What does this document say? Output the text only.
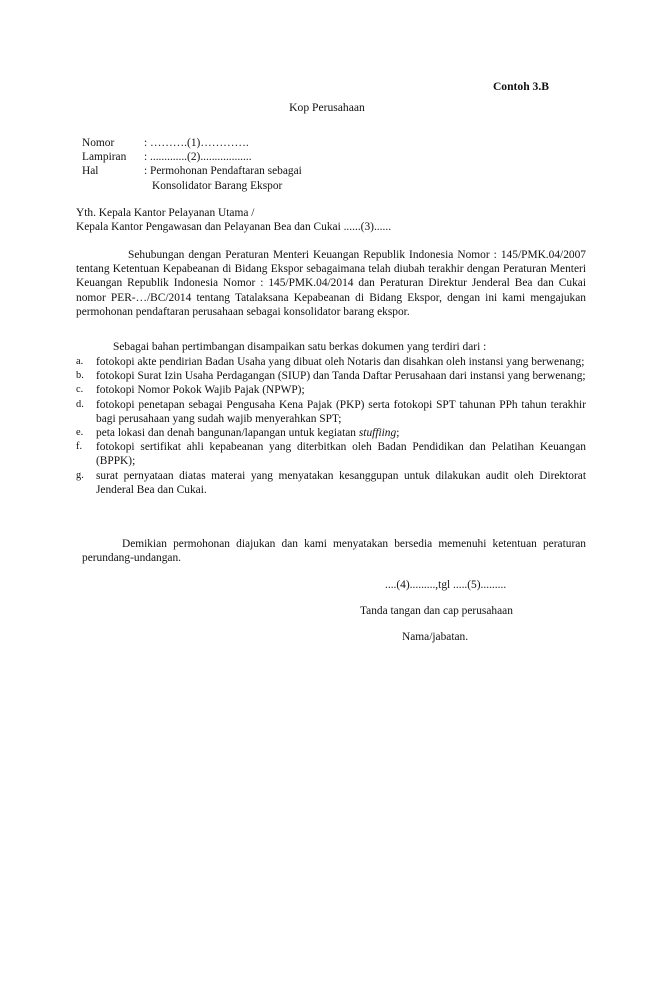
Contoh 3.B
Kop Perusahaan
Nomor	: ……….(1)………….
Lampiran	: .............(2)..................
Hal	: Permohonan Pendaftaran sebagai
Konsolidator Barang Ekspor
Yth. Kepala Kantor Pelayanan Utama /
Kepala Kantor Pengawasan dan Pelayanan Bea dan Cukai ......(3)......

Sehubungan dengan Peraturan Menteri Keuangan Republik Indonesia Nomor : 145/PMK.04/2007 tentang Ketentuan Kepabeanan di Bidang Ekspor sebagaimana telah diubah terakhir dengan Peraturan Menteri Keuangan Republik Indonesia Nomor : 145/PMK.04/2014 dan Peraturan Direktur Jenderal Bea dan Cukai nomor PER-…/BC/2014 tentang Tatalaksana Kepabeanan di Bidang Ekspor, dengan ini kami mengajukan permohonan pendaftaran perusahaan sebagai konsolidator barang ekspor.

Sebagai bahan pertimbangan disampaikan satu berkas dokumen yang terdiri dari :
a.	fotokopi akte pendirian Badan Usaha yang dibuat oleh Notaris dan disahkan oleh instansi yang berwenang;
b.	fotokopi Surat Izin Usaha Perdagangan (SIUP) dan Tanda Daftar Perusahaan dari instansi yang berwenang;
c.	fotokopi Nomor Pokok Wajib Pajak (NPWP);
d.	fotokopi penetapan sebagai Pengusaha Kena Pajak (PKP) serta fotokopi SPT tahunan PPh tahun terakhir bagi perusahaan yang sudah wajib menyerahkan SPT;
e.	peta lokasi dan denah bangunan/lapangan untuk kegiatan stuffiing;
f.	fotokopi sertifikat ahli kepabeanan yang diterbitkan oleh Badan Pendidikan dan Pelatihan Keuangan (BPPK);
g.	surat pernyataan diatas materai yang menyatakan kesanggupan untuk dilakukan audit oleh Direktorat Jenderal Bea dan Cukai.

Demikian permohonan diajukan dan kami menyatakan bersedia memenuhi ketentuan peraturan perundang-undangan.

....(4).........,tgl .....(5).........
Tanda tangan dan cap perusahaan
Nama/jabatan.
